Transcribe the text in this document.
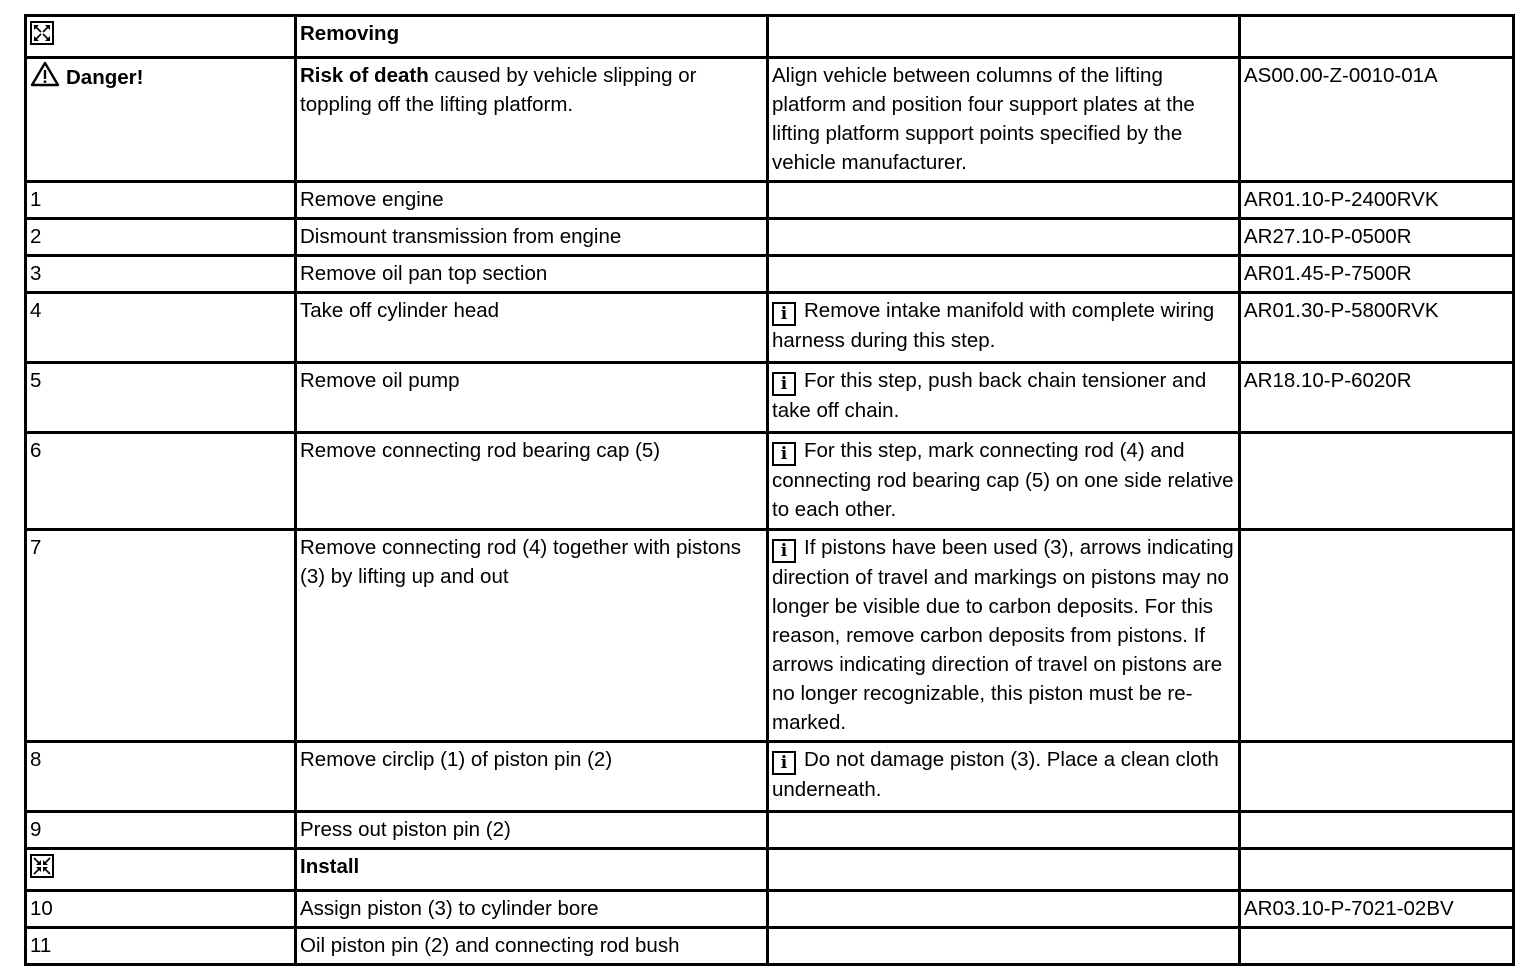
	Removing		
Danger!	Risk of death caused by vehicle slipping or toppling off the lifting platform.	Align vehicle between columns of the lifting platform and position four support plates at the lifting platform support points specified by the vehicle manufacturer.	AS00.00-Z-0010-01A
1	Remove engine		AR01.10-P-2400RVK
2	Dismount transmission from engine		AR27.10-P-0500R
3	Remove oil pan top section		AR01.45-P-7500R
4	Take off cylinder head	i Remove intake manifold with complete wiring harness during this step.	AR01.30-P-5800RVK
5	Remove oil pump	i For this step, push back chain tensioner and take off chain.	AR18.10-P-6020R
6	Remove connecting rod bearing cap (5)	i For this step, mark connecting rod (4) and connecting rod bearing cap (5) on one side relative to each other.	
7	Remove connecting rod (4) together with pistons (3) by lifting up and out	i If pistons have been used (3), arrows indicating direction of travel and markings on pistons may no longer be visible due to carbon deposits. For this reason, remove carbon deposits from pistons. If arrows indicating direction of travel on pistons are no longer recognizable, this piston must be re-marked.	
8	Remove circlip (1) of piston pin (2)	i Do not damage piston (3). Place a clean cloth underneath.	
9	Press out piston pin (2)		

	Install		
10	Assign piston (3) to cylinder bore		AR03.10-P-7021-02BV
11	Oil piston pin (2) and connecting rod bush		
